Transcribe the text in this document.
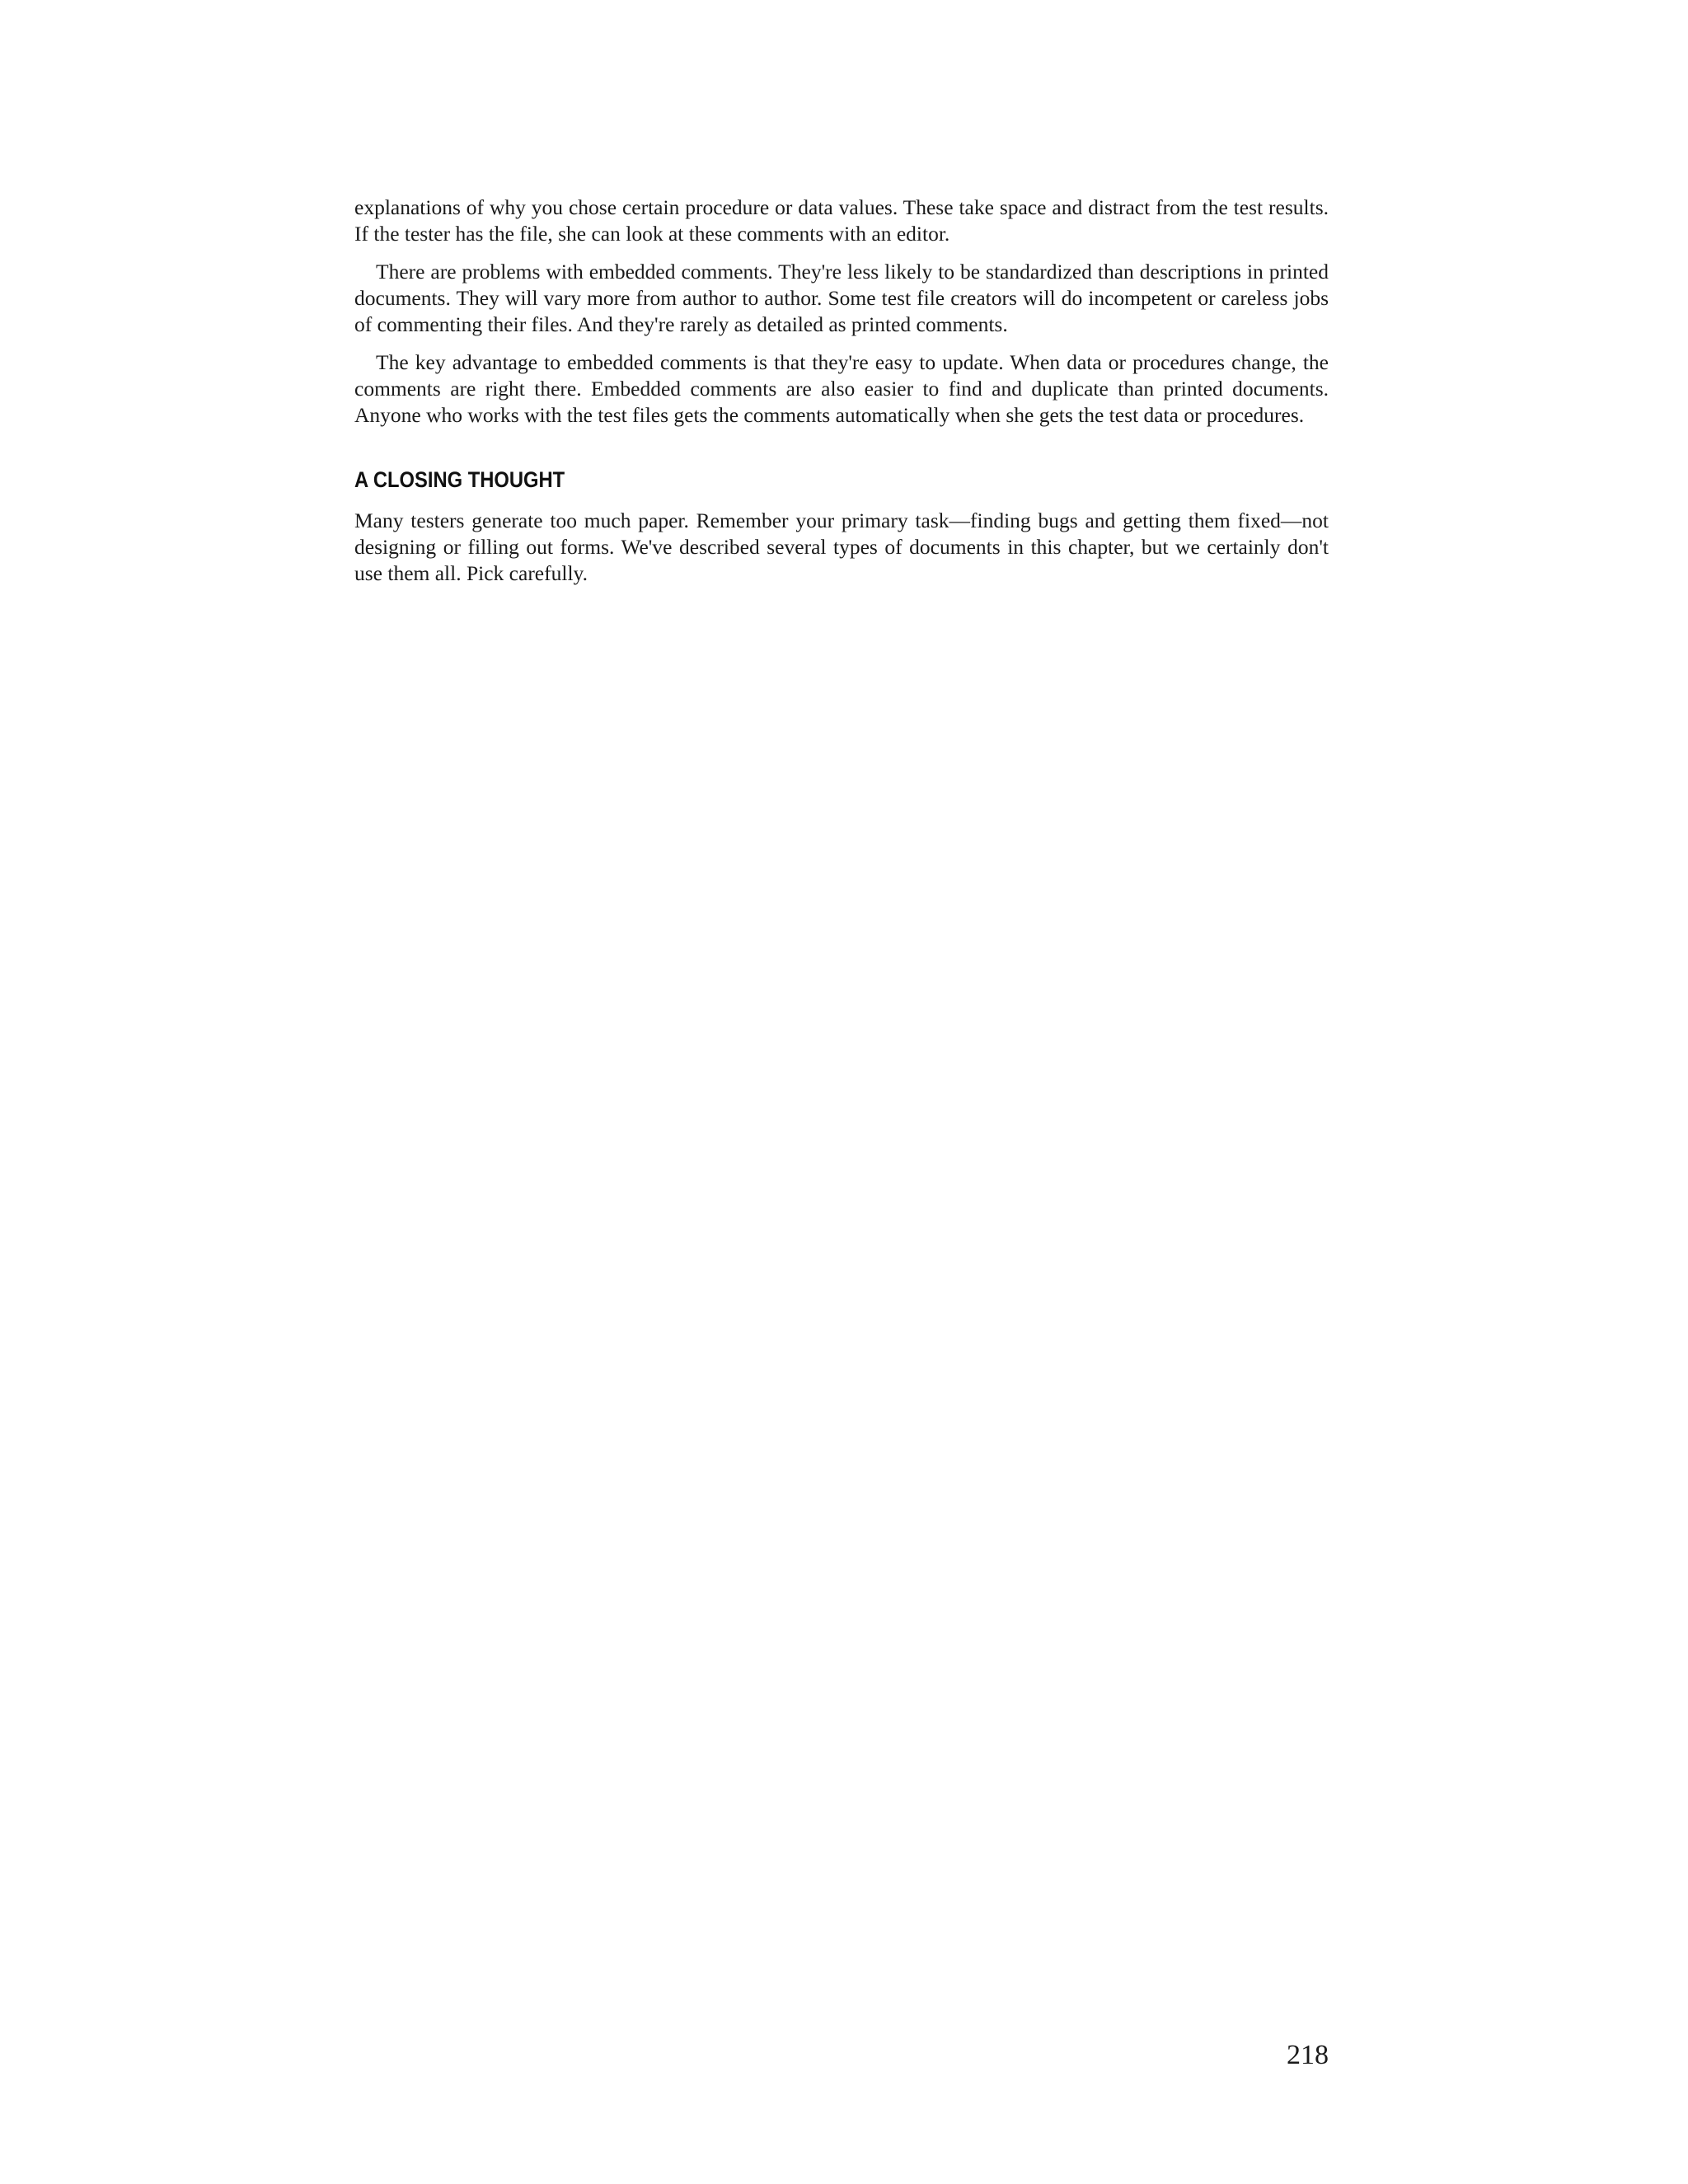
explanations of why you chose certain procedure or data values. These take space and distract from the test results. If the tester has the file, she can look at these comments with an editor.

There are problems with embedded comments. They're less likely to be standardized than descriptions in printed documents. They will vary more from author to author. Some test file creators will do incompetent or careless jobs of commenting their files. And they're rarely as detailed as printed comments.

The key advantage to embedded comments is that they're easy to update. When data or procedures change, the comments are right there. Embedded comments are also easier to find and duplicate than printed documents. Anyone who works with the test files gets the comments automatically when she gets the test data or procedures.

A CLOSING THOUGHT

Many testers generate too much paper. Remember your primary task—finding bugs and getting them fixed—not designing or filling out forms. We've described several types of documents in this chapter, but we certainly don't use them all. Pick carefully.

218
